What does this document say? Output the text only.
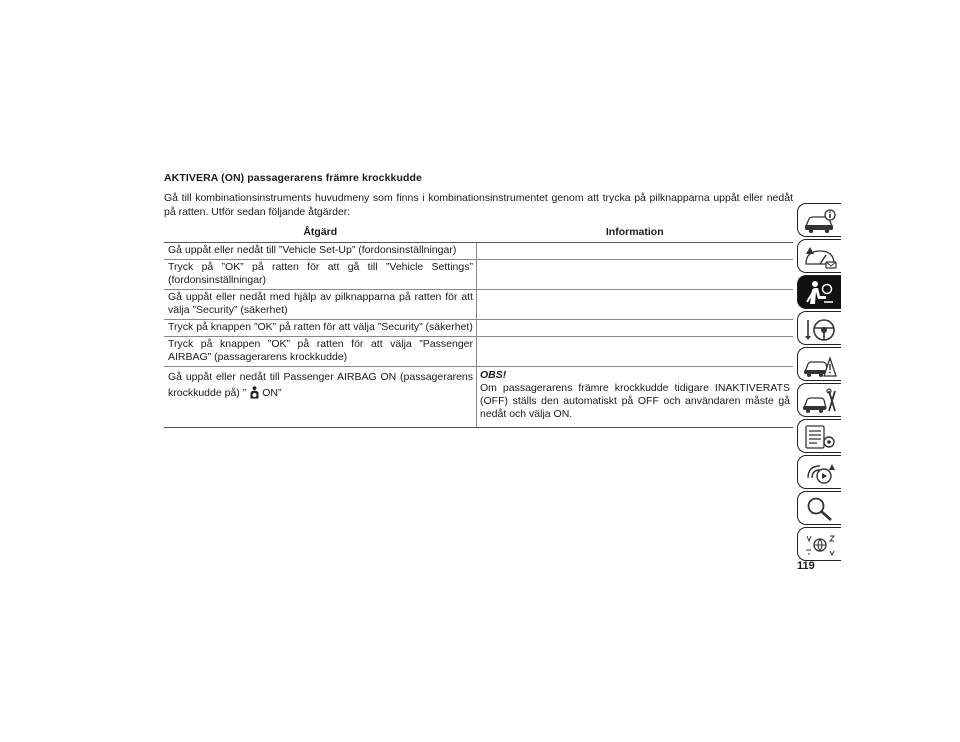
AKTIVERA (ON) passagerarens främre krockkudde
Gå till kombinationsinstruments huvudmeny som finns i kombinationsinstrumentet genom att trycka på pilknapparna uppåt eller nedåt på ratten. Utför sedan följande åtgärder:
Åtgärd	Information
Gå uppåt eller nedåt till ”Vehicle Set-Up” (fordonsinställningar)	
Tryck på ”OK” på ratten för att gå till ”Vehicle Settings” (fordonsinställningar)	
Gå uppåt eller nedåt med hjälp av pilknapparna på ratten för att välja ”Security” (säkerhet)	
Tryck på knappen ”OK” på ratten för att välja ”Security” (säkerhet)	
Tryck på knappen ”OK” på ratten för att välja ”Passenger AIRBAG” (passagerarens krockkudde)	
Gå uppåt eller nedåt till Passenger AIRBAG ON (passagerarens krockkudde på) ” ON”	OBS!
Om passagerarens främre krockkudde tidigare INAKTIVERATS (OFF) ställs den automatiskt på OFF och användaren måste gå nedåt och välja ON.
119
